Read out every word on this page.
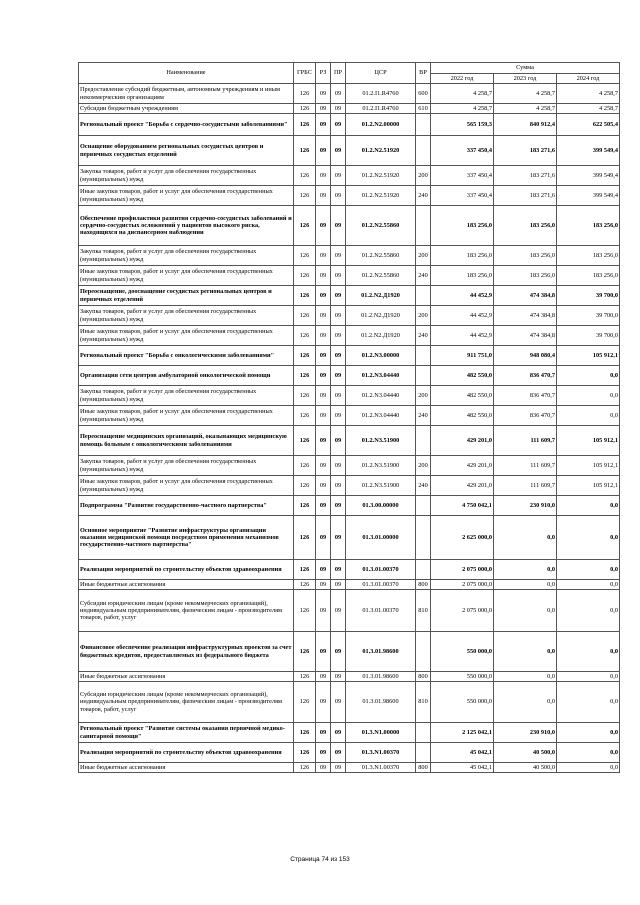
Наименование	ГРБС	РЗ	ПР	ЦСР	ВР	Сумма		
						2022 год	2023 год	2024 год
Предоставление субсидий бюджетным, автономным учреждениям и иным некоммерческим организациям	126	09	09	01.2.I1.R4760	600	4 258,7	4 258,7	4 258,7
Субсидии бюджетным учреждениям	126	09	09	01.2.I1.R4760	610	4 258,7	4 258,7	4 258,7
Региональный проект "Борьба с сердечно-сосудистыми заболеваниями"	126	09	09	01.2.N2.00000		565 159,3	840 912,4	622 505,4
Оснащение оборудованием региональных сосудистых центров и первичных сосудистых отделений	126	09	09	01.2.N2.51920		337 450,4	183 271,6	399 549,4
Закупка товаров, работ и услуг для обеспечения государственных (муниципальных) нужд	126	09	09	01.2.N2.51920	200	337 450,4	183 271,6	399 549,4
Иные закупки товаров, работ и услуг для обеспечения государственных (муниципальных) нужд	126	09	09	01.2.N2.51920	240	337 450,4	183 271,6	399 549,4
Обеспечение профилактики развития сердечно-сосудистых заболеваний и сердечно-сосудистых осложнений у пациентов высокого риска, находящихся на диспансерном наблюдении	126	09	09	01.2.N2.55860		183 256,0	183 256,0	183 256,0
Закупка товаров, работ и услуг для обеспечения государственных (муниципальных) нужд	126	09	09	01.2.N2.55860	200	183 256,0	183 256,0	183 256,0
Иные закупки товаров, работ и услуг для обеспечения государственных (муниципальных) нужд	126	09	09	01.2.N2.55860	240	183 256,0	183 256,0	183 256,0
Переоснащение, дооснащение сосудистых региональных центров и первичных отделений	126	09	09	01.2.N2.Д1920		44 452,9	474 384,8	39 700,0
Закупка товаров, работ и услуг для обеспечения государственных (муниципальных) нужд	126	09	09	01.2.N2.Д1920	200	44 452,9	474 384,8	39 700,0
Иные закупки товаров, работ и услуг для обеспечения государственных (муниципальных) нужд	126	09	09	01.2.N2.Д1920	240	44 452,9	474 384,8	39 700,0
Региональный проект "Борьба с онкологическими заболеваниями"	126	09	09	01.2.N3.00000		911 751,0	948 080,4	105 912,1
Организация сети центров амбулаторной онкологической помощи	126	09	09	01.2.N3.04440		482 550,0	836 470,7	0,0
Закупка товаров, работ и услуг для обеспечения государственных (муниципальных) нужд	126	09	09	01.2.N3.04440	200	482 550,0	836 470,7	0,0
Иные закупки товаров, работ и услуг для обеспечения государственных (муниципальных) нужд	126	09	09	01.2.N3.04440	240	482 550,0	836 470,7	0,0
Переоснащение медицинских организаций, оказывающих медицинскую помощь больным с онкологическими заболеваниями	126	09	09	01.2.N3.51900		429 201,0	111 609,7	105 912,1
Закупка товаров, работ и услуг для обеспечения государственных (муниципальных) нужд	126	09	09	01.2.N3.51900	200	429 201,0	111 609,7	105 912,1
Иные закупки товаров, работ и услуг для обеспечения государственных (муниципальных) нужд	126	09	09	01.2.N3.51900	240	429 201,0	111 609,7	105 912,1
Подпрограмма "Развитие государственно-частного партнерства"	126	09	09	01.3.00.00000		4 750 042,1	230 910,0	0,0
Основное мероприятие "Развитие инфраструктуры организации оказания медицинской помощи посредством применения механизмов государственно-частного партнерства"	126	09	09	01.3.01.00000		2 625 000,0	0,0	0,0
Реализация мероприятий по строительству объектов здравоохранения	126	09	09	01.3.01.00370		2 075 000,0	0,0	0,0
Иные бюджетные ассигнования	126	09	09	01.3.01.00370	800	2 075 000,0	0,0	0,0
Субсидии юридическим лицам (кроме некоммерческих организаций), индивидуальным предпринимателям, физическим лицам - производителям товаров, работ, услуг	126	09	09	01.3.01.00370	810	2 075 000,0	0,0	0,0
Финансовое обеспечение реализации инфраструктурных проектов за счет бюджетных кредитов, предоставляемых из федерального бюджета	126	09	09	01.3.01.98600		550 000,0	0,0	0,0
Иные бюджетные ассигнования	126	09	09	01.3.01.98600	800	550 000,0	0,0	0,0
Субсидии юридическим лицам (кроме некоммерческих организаций), индивидуальным предпринимателям, физическим лицам - производителям товаров, работ, услуг	126	09	09	01.3.01.98600	810	550 000,0	0,0	0,0
Региональный проект "Развитие системы оказания первичной медико-санитарной помощи"	126	09	09	01.3.N1.00000		2 125 042,1	230 910,0	0,0
Реализация мероприятий по строительству объектов здравоохранения	126	09	09	01.3.N1.00370		45 042,1	40 500,0	0,0
Иные бюджетные ассигнования	126	09	09	01.3.N1.00370	800	45 042,1	40 500,0	0,0
Страница 74 из 153
